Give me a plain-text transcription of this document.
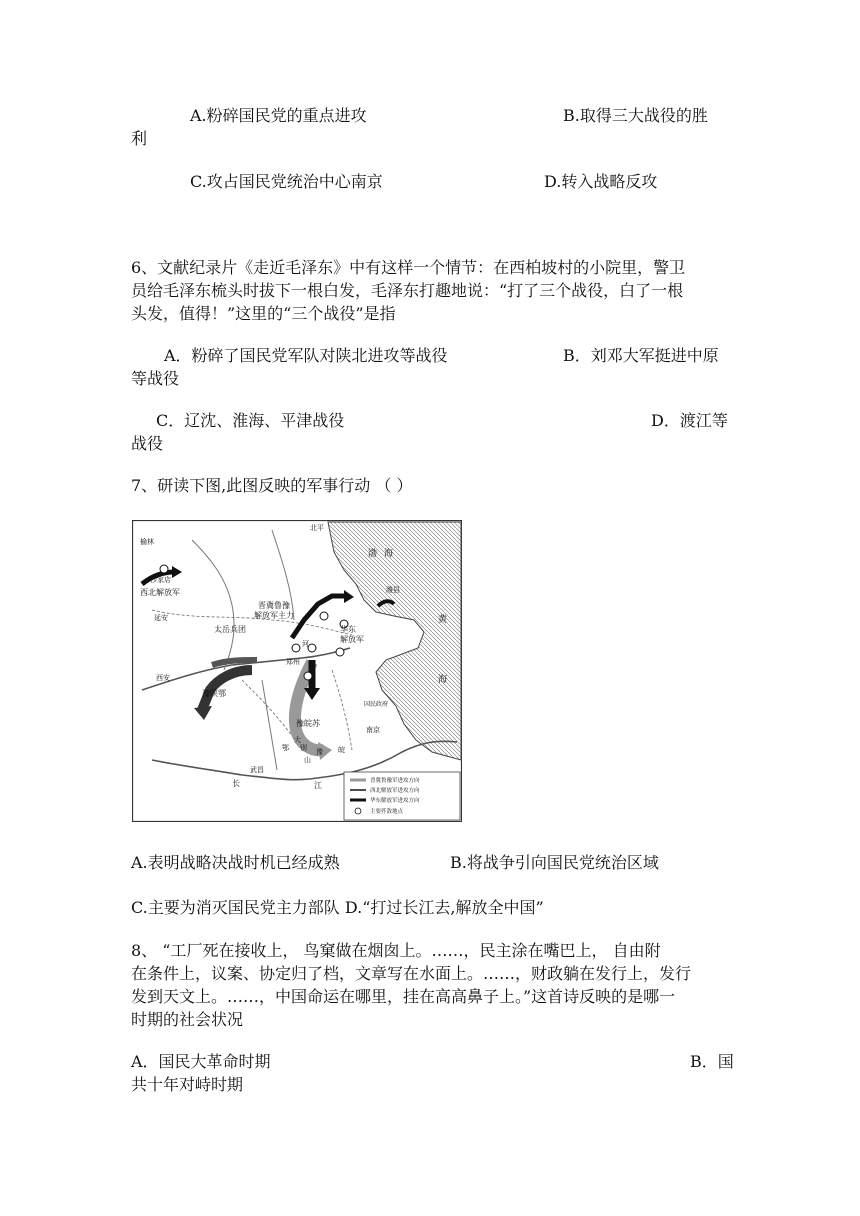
A.粉碎国民党的重点进攻	B.取得三大战役的胜
利
C.攻占国民党统治中心南京	D.转入战略反攻
6、文献纪录片《走近毛泽东》中有这样一个情节：在西柏坡村的小院里，警卫
员给毛泽东梳头时拔下一根白发，毛泽东打趣地说：“打了三个战役，白了一根
头发，值得！”这里的“三个战役”是指
A．粉碎了国民党军队对陕北进攻等战役	B．刘邓大军挺进中原
等战役
C．辽沈、淮海、平津战役	D．渡江等
战役
7、研读下图,此图反映的军事行动 （ ）
北平
榆林
沙家店
西北解放军
延安
晋冀鲁豫
解放军主力
太岳兵团
渤 海
潍县
华东
解放军
黄
海
郑州
河
西安
豫陕鄂
豫皖苏
国民政府
南京
大
别
山
鄂	豫 皖
武昌
长	江	晋冀鲁豫军进攻方向
西北解放军进攻方向
华东解放军进攻方向
主要歼敌地点
A.表明战略决战时机已经成熟	B.将战争引向国民党统治区域
C.主要为消灭国民党主力部队 D.“打过长江去,解放全中国”
8、 “工厂死在接收上， 鸟窠做在烟囱上。……，民主涂在嘴巴上， 自由附
在条件上，议案、协定归了档，文章写在水面上。……，财政躺在发行上，发行
发到天文上。……，中国命运在哪里，挂在高高鼻子上。”这首诗反映的是哪一
时期的社会状况
A．国民大革命时期	B．国
共十年对峙时期
